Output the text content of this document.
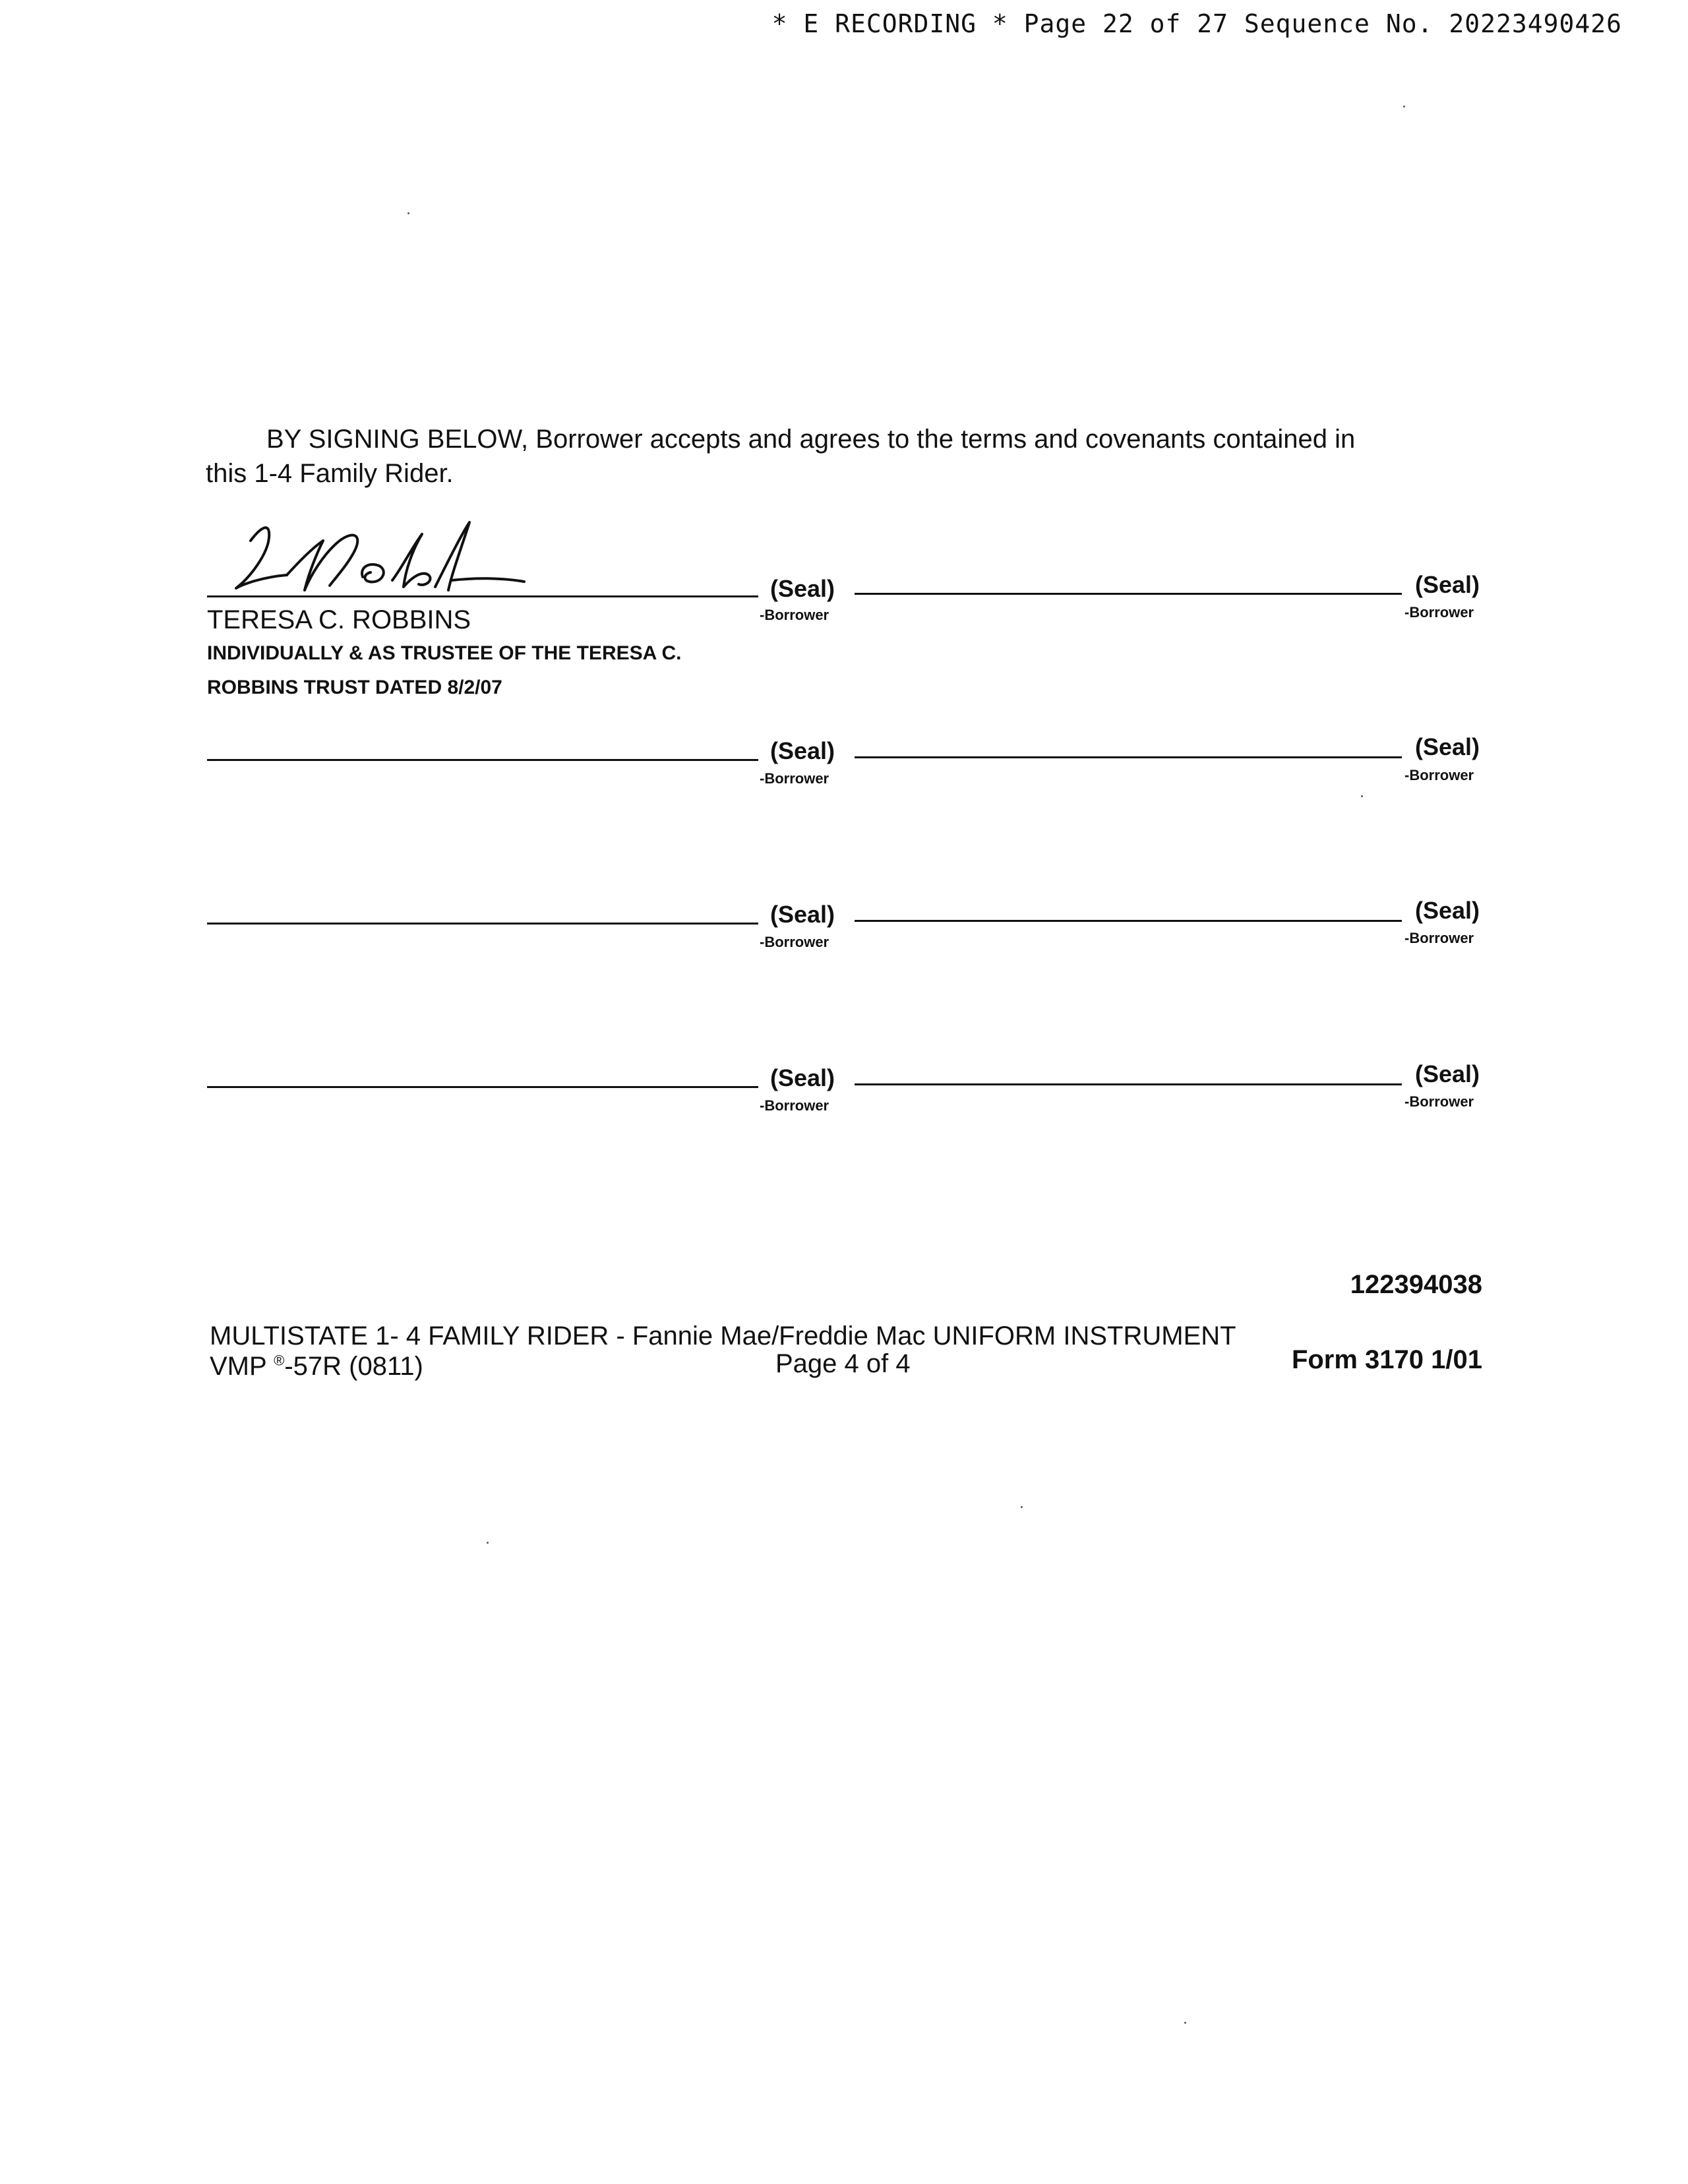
* E RECORDING * Page 22 of 27 Sequence No. 20223490426
BY SIGNING BELOW, Borrower accepts and agrees to the terms and covenants contained in
this 1-4 Family Rider.
(Seal)
-Borrower
(Seal)
-Borrower
TERESA C. ROBBINS
INDIVIDUALLY & AS TRUSTEE OF THE TERESA C.
ROBBINS TRUST DATED 8/2/07
(Seal)
-Borrower
(Seal)
-Borrower
(Seal)
-Borrower
(Seal)
-Borrower
(Seal)
-Borrower
(Seal)
-Borrower
122394038
MULTISTATE 1- 4 FAMILY RIDER - Fannie Mae/Freddie Mac UNIFORM INSTRUMENT
VMP ®-57R (0811)	Page 4 of 4	Form 3170 1/01
